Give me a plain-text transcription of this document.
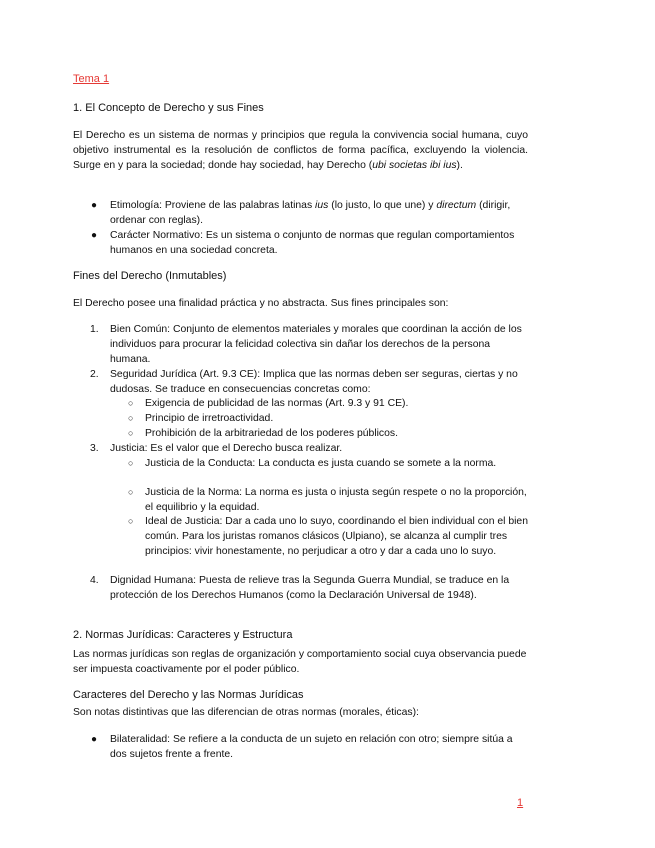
Tema 1
1. El Concepto de Derecho y sus Fines
El Derecho es un sistema de normas y principios que regula la convivencia social humana, cuyo objetivo instrumental es la resolución de conflictos de forma pacífica, excluyendo la violencia. Surge en y para la sociedad; donde hay sociedad, hay Derecho (ubi societas ibi ius).
● Etimología: Proviene de las palabras latinas ius (lo justo, lo que une) y directum (dirigir, ordenar con reglas).
● Carácter Normativo: Es un sistema o conjunto de normas que regulan comportamientos humanos en una sociedad concreta.
Fines del Derecho (Inmutables)
El Derecho posee una finalidad práctica y no abstracta. Sus fines principales son:
1. Bien Común: Conjunto de elementos materiales y morales que coordinan la acción de los individuos para procurar la felicidad colectiva sin dañar los derechos de la persona humana.
2. Seguridad Jurídica (Art. 9.3 CE): Implica que las normas deben ser seguras, ciertas y no dudosas. Se traduce en consecuencias concretas como:
○ Exigencia de publicidad de las normas (Art. 9.3 y 91 CE).
○ Principio de irretroactividad.
○ Prohibición de la arbitrariedad de los poderes públicos.
3. Justicia: Es el valor que el Derecho busca realizar.
○ Justicia de la Conducta: La conducta es justa cuando se somete a la norma.
○ Justicia de la Norma: La norma es justa o injusta según respete o no la proporción, el equilibrio y la equidad.
○ Ideal de Justicia: Dar a cada uno lo suyo, coordinando el bien individual con el bien común. Para los juristas romanos clásicos (Ulpiano), se alcanza al cumplir tres principios: vivir honestamente, no perjudicar a otro y dar a cada uno lo suyo.
4. Dignidad Humana: Puesta de relieve tras la Segunda Guerra Mundial, se traduce en la protección de los Derechos Humanos (como la Declaración Universal de 1948).
2. Normas Jurídicas: Caracteres y Estructura
Las normas jurídicas son reglas de organización y comportamiento social cuya observancia puede ser impuesta coactivamente por el poder público.
Caracteres del Derecho y las Normas Jurídicas
Son notas distintivas que las diferencian de otras normas (morales, éticas):
● Bilateralidad: Se refiere a la conducta de un sujeto en relación con otro; siempre sitúa a dos sujetos frente a frente.
1
